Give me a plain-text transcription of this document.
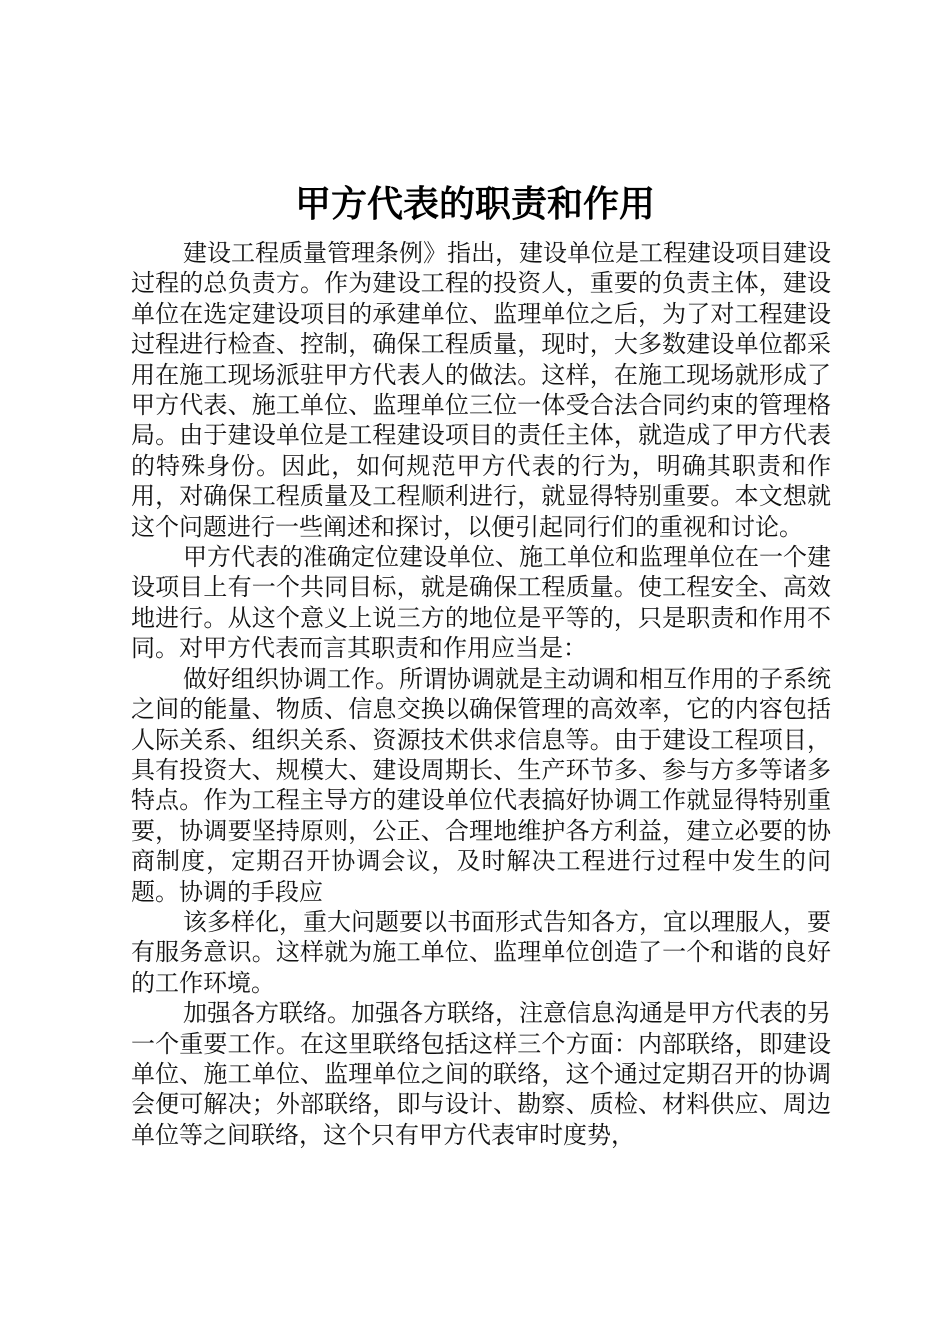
甲方代表的职责和作用

建设工程质量管理条例》指出，建设单位是工程建设项目建设过程的总负责方。作为建设工程的投资人，重要的负责主体，建设单位在选定建设项目的承建单位、监理单位之后，为了对工程建设过程进行检查、控制，确保工程质量，现时，大多数建设单位都采用在施工现场派驻甲方代表人的做法。这样，在施工现场就形成了甲方代表、施工单位、监理单位三位一体受合法合同约束的管理格局。由于建设单位是工程建设项目的责任主体，就造成了甲方代表的特殊身份。因此，如何规范甲方代表的行为，明确其职责和作用，对确保工程质量及工程顺利进行，就显得特别重要。本文想就这个问题进行一些阐述和探讨，以便引起同行们的重视和讨论。

甲方代表的准确定位建设单位、施工单位和监理单位在一个建设项目上有一个共同目标，就是确保工程质量。使工程安全、高效地进行。从这个意义上说三方的地位是平等的，只是职责和作用不同。对甲方代表而言其职责和作用应当是：

做好组织协调工作。所谓协调就是主动调和相互作用的子系统之间的能量、物质、信息交换以确保管理的高效率，它的内容包括人际关系、组织关系、资源技术供求信息等。由于建设工程项目，具有投资大、规模大、建设周期长、生产环节多、参与方多等诸多特点。作为工程主导方的建设单位代表搞好协调工作就显得特别重要，协调要坚持原则，公正、合理地维护各方利益，建立必要的协商制度，定期召开协调会议，及时解决工程进行过程中发生的问题。协调的手段应

该多样化，重大问题要以书面形式告知各方，宜以理服人，要有服务意识。这样就为施工单位、监理单位创造了一个和谐的良好的工作环境。

加强各方联络。加强各方联络，注意信息沟通是甲方代表的另一个重要工作。在这里联络包括这样三个方面：内部联络，即建设单位、施工单位、监理单位之间的联络，这个通过定期召开的协调会便可解决；外部联络，即与设计、勘察、质检、材料供应、周边单位等之间联络，这个只有甲方代表审时度势，
